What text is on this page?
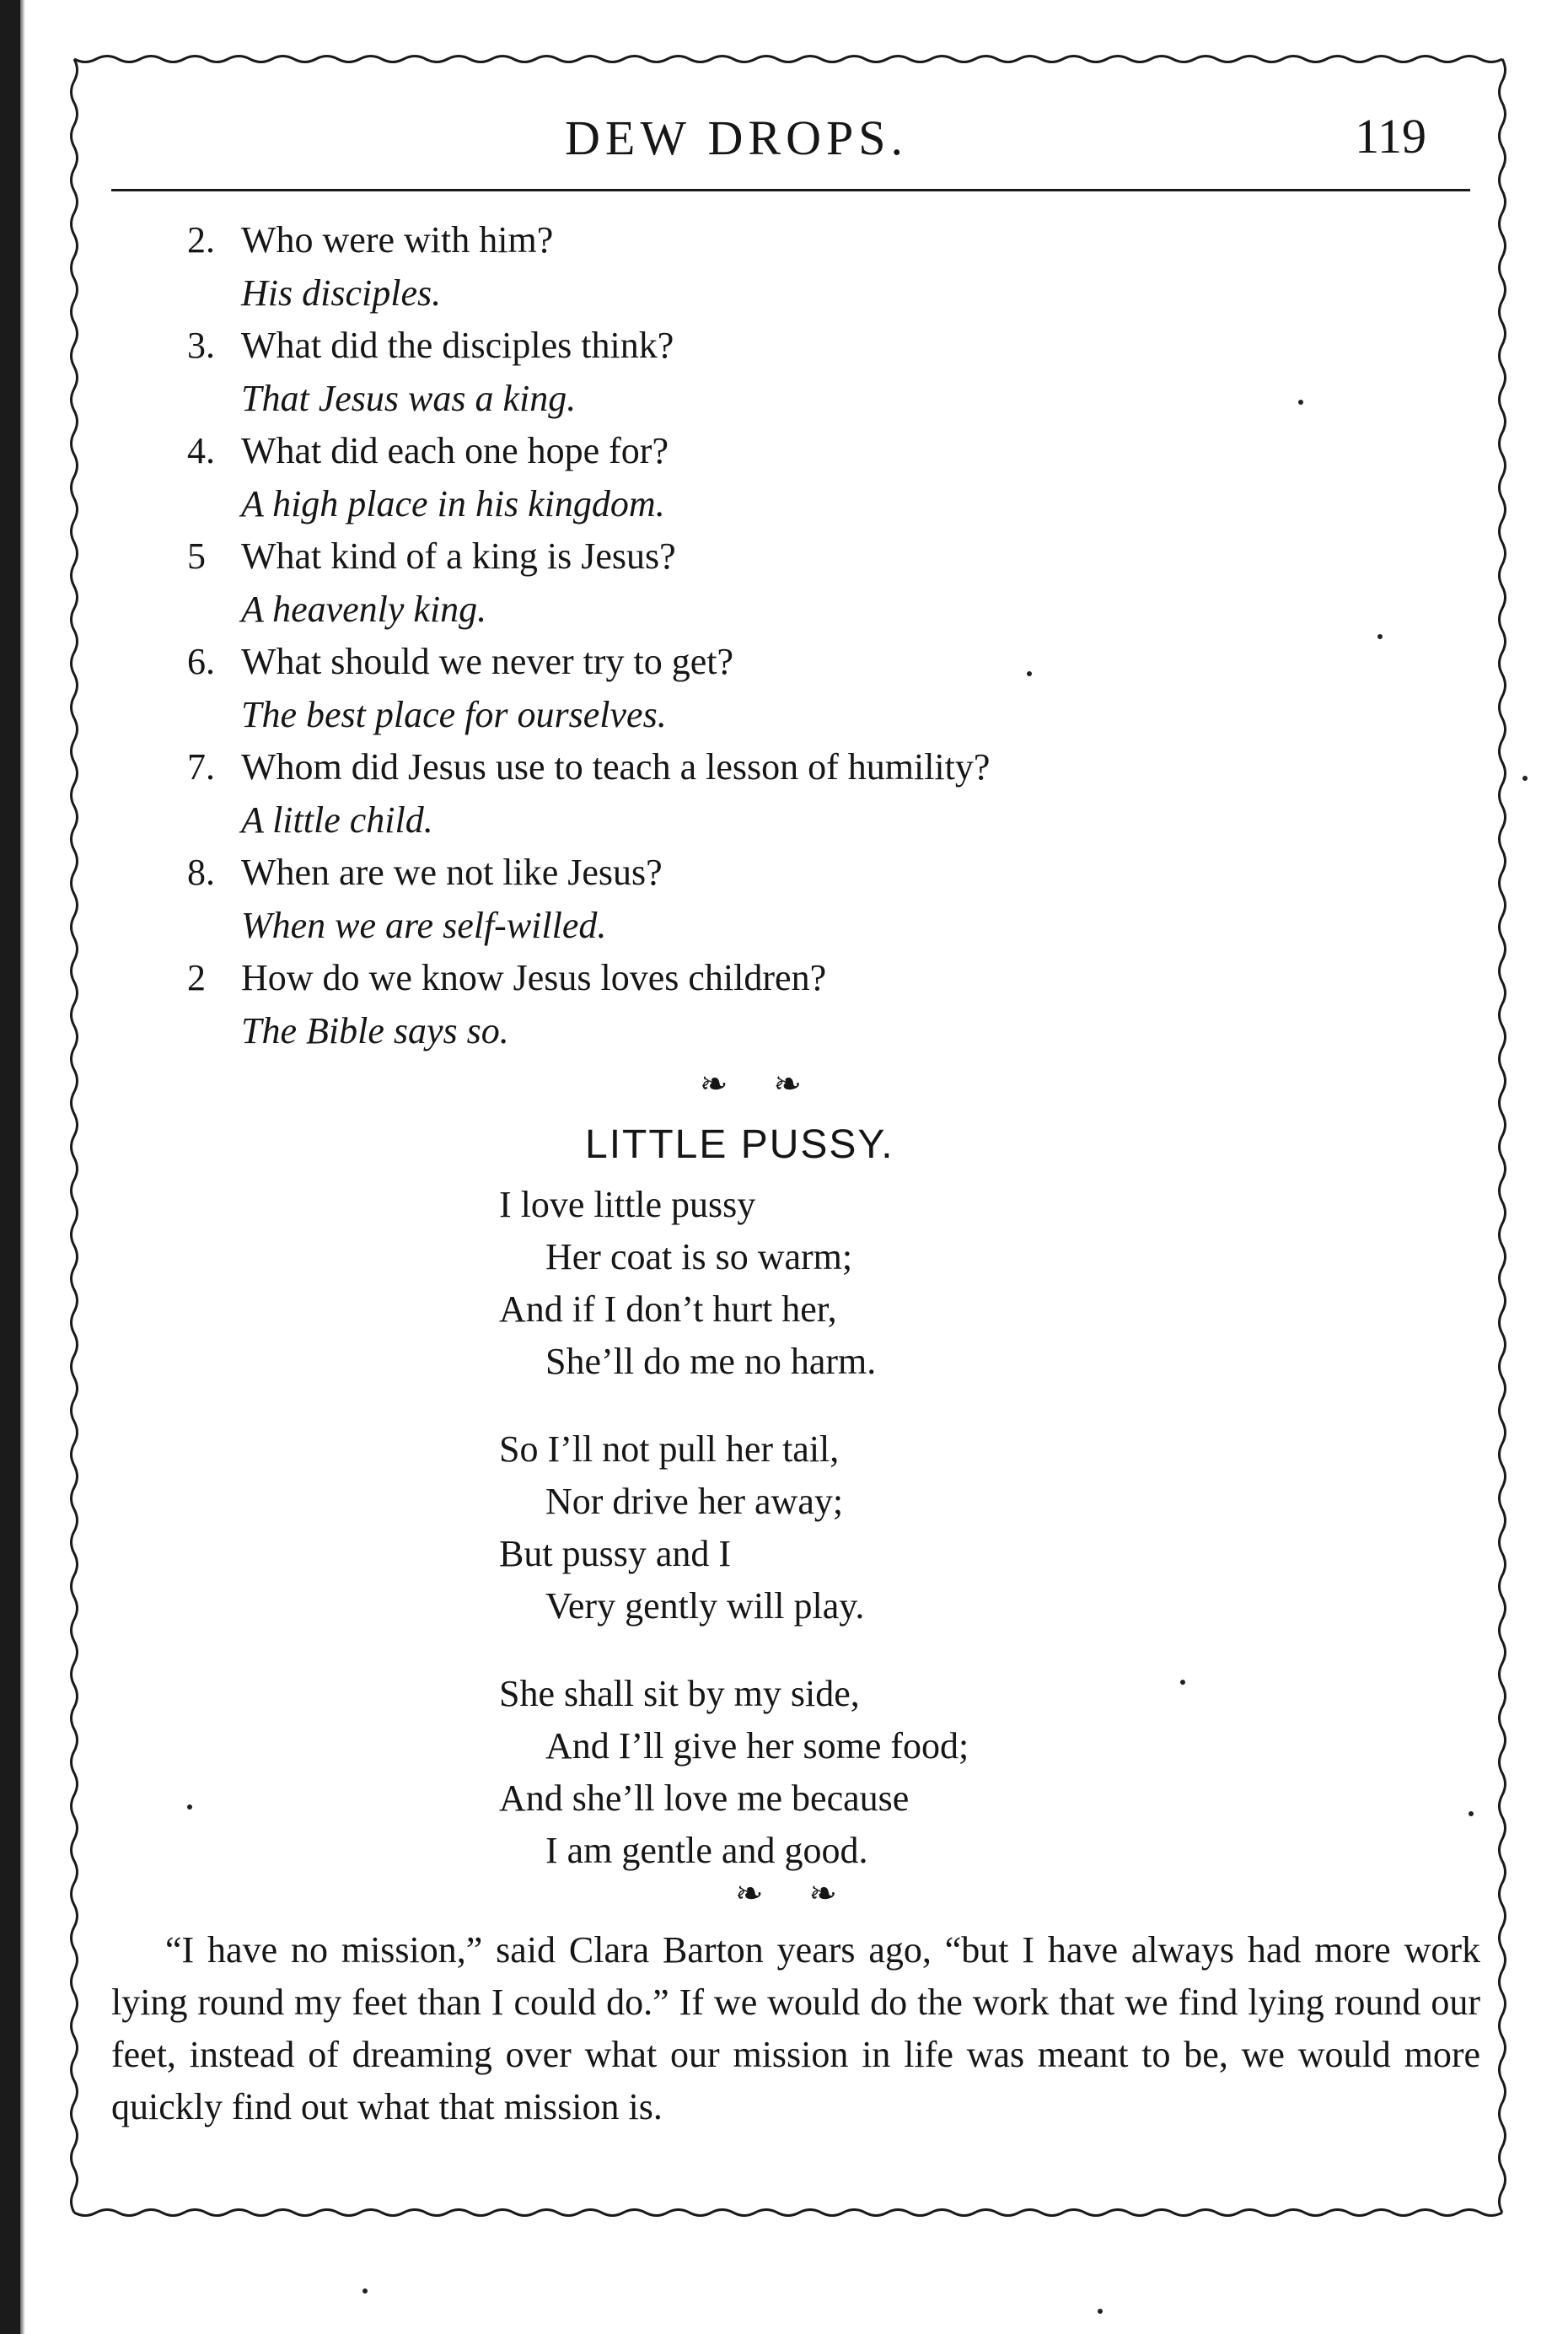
DEW DROPS.	119
2. Who were with him?
His disciples.
3. What did the disciples think?
That Jesus was a king.
4. What did each one hope for?
A high place in his kingdom.
5 What kind of a king is Jesus?
A heavenly king.
6. What should we never try to get?
The best place for ourselves.
7. Whom did Jesus use to teach a lesson of humility?
A little child.
8. When are we not like Jesus?
When we are self-willed.
2 How do we know Jesus loves children?
The Bible says so.
❧ ❧
LITTLE PUSSY.
I love little pussy
Her coat is so warm;
And if I don’t hurt her,
She’ll do me no harm.
So I’ll not pull her tail,
Nor drive her away;
But pussy and I
Very gently will play.
She shall sit by my side,
And I’ll give her some food;
And she’ll love me because
I am gentle and good.
❧ ❧
“I have no mission,” said Clara Barton years ago, “but I have always had more work lying round my feet than I could do.” If we would do the work that we find lying round our feet, instead of dreaming over what our mission in life was meant to be, we would more quickly find out what that mission is.
